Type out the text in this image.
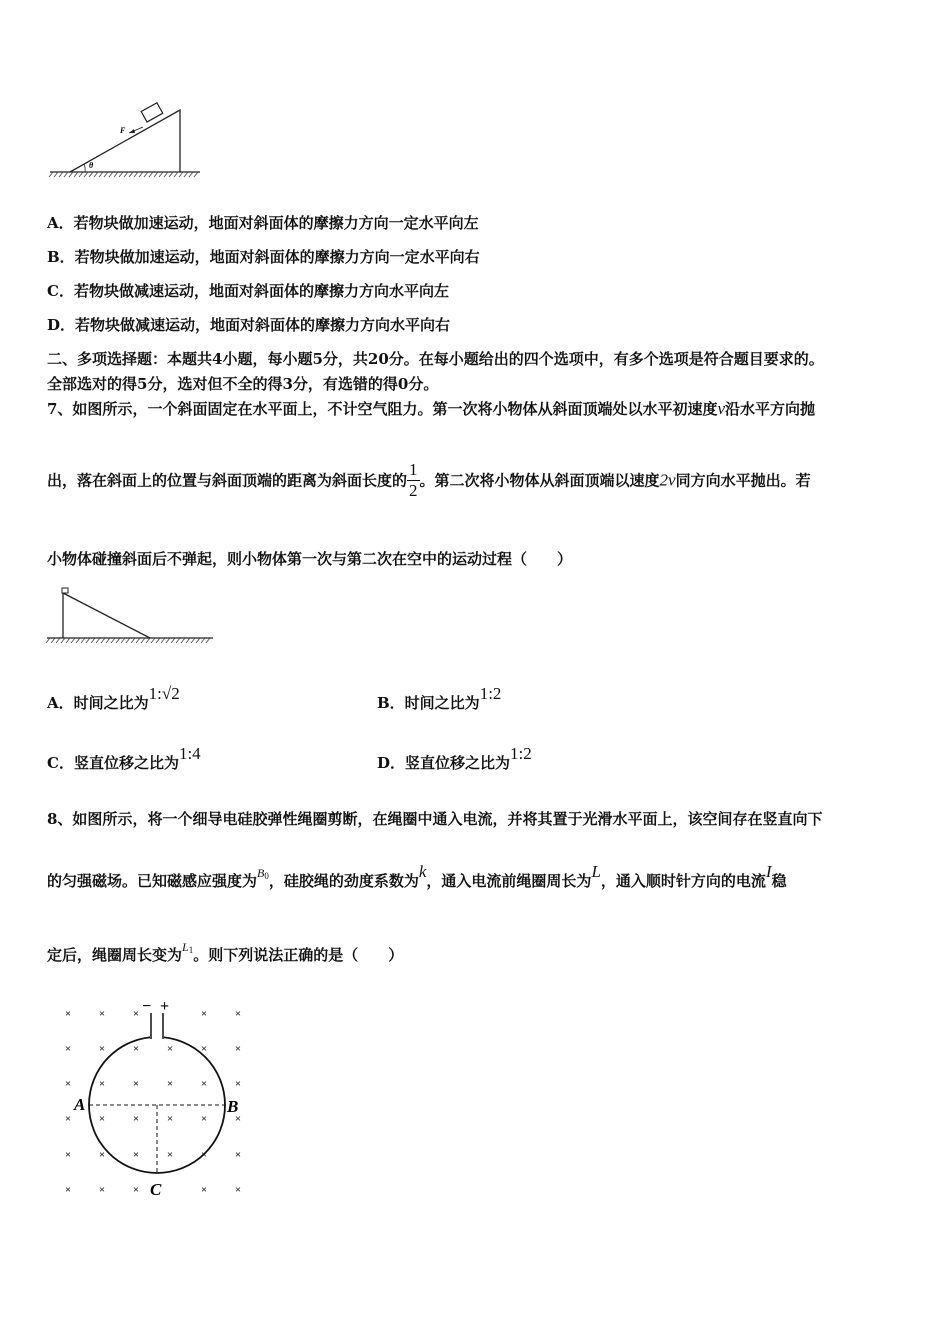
θ
F
A．若物块做加速运动，地面对斜面体的摩擦力方向一定水平向左
B．若物块做加速运动，地面对斜面体的摩擦力方向一定水平向右
C．若物块做减速运动，地面对斜面体的摩擦力方向水平向左
D．若物块做减速运动，地面对斜面体的摩擦力方向水平向右
二、多项选择题：本题共4小题，每小题5分，共20分。在每小题给出的四个选项中，有多个选项是符合题目要求的。
全部选对的得5分，选对但不全的得3分，有选错的得0分。
7、如图所示，一个斜面固定在水平面上，不计空气阻力。第一次将小物体从斜面顶端处以水平初速度v沿水平方向抛
出，落在斜面上的位置与斜面顶端的距离为斜面长度的 $\frac{1}{2}$ 。第二次将小物体从斜面顶端以速度2v同方向水平抛出。若
小物体碰撞斜面后不弹起，则小物体第一次与第二次在空中的运动过程（　　）
A．时间之比为1:√2	B．时间之比为1:2
C．竖直位移之比为1:4	D．竖直位移之比为1:2
8、如图所示，将一个细导电硅胶弹性绳圈剪断，在绳圈中通入电流，并将其置于光滑水平面上，该空间存在竖直向下
的匀强磁场。已知磁感应强度为$^{B_0}$，硅胶绳的劲度系数为k，通入电流前绳圈周长为L，通入顺时针方向的电流I稳
定后，绳圈周长变为$^{L_1}$。则下列说法正确的是（　　）
×	×	×	×	×
×	×	×	×	×	×
×	×	×	×	×	×
×	×	×	×	×	×
×	×	×	×	×	×
×	×	×	×	×
− +
A	B
C
